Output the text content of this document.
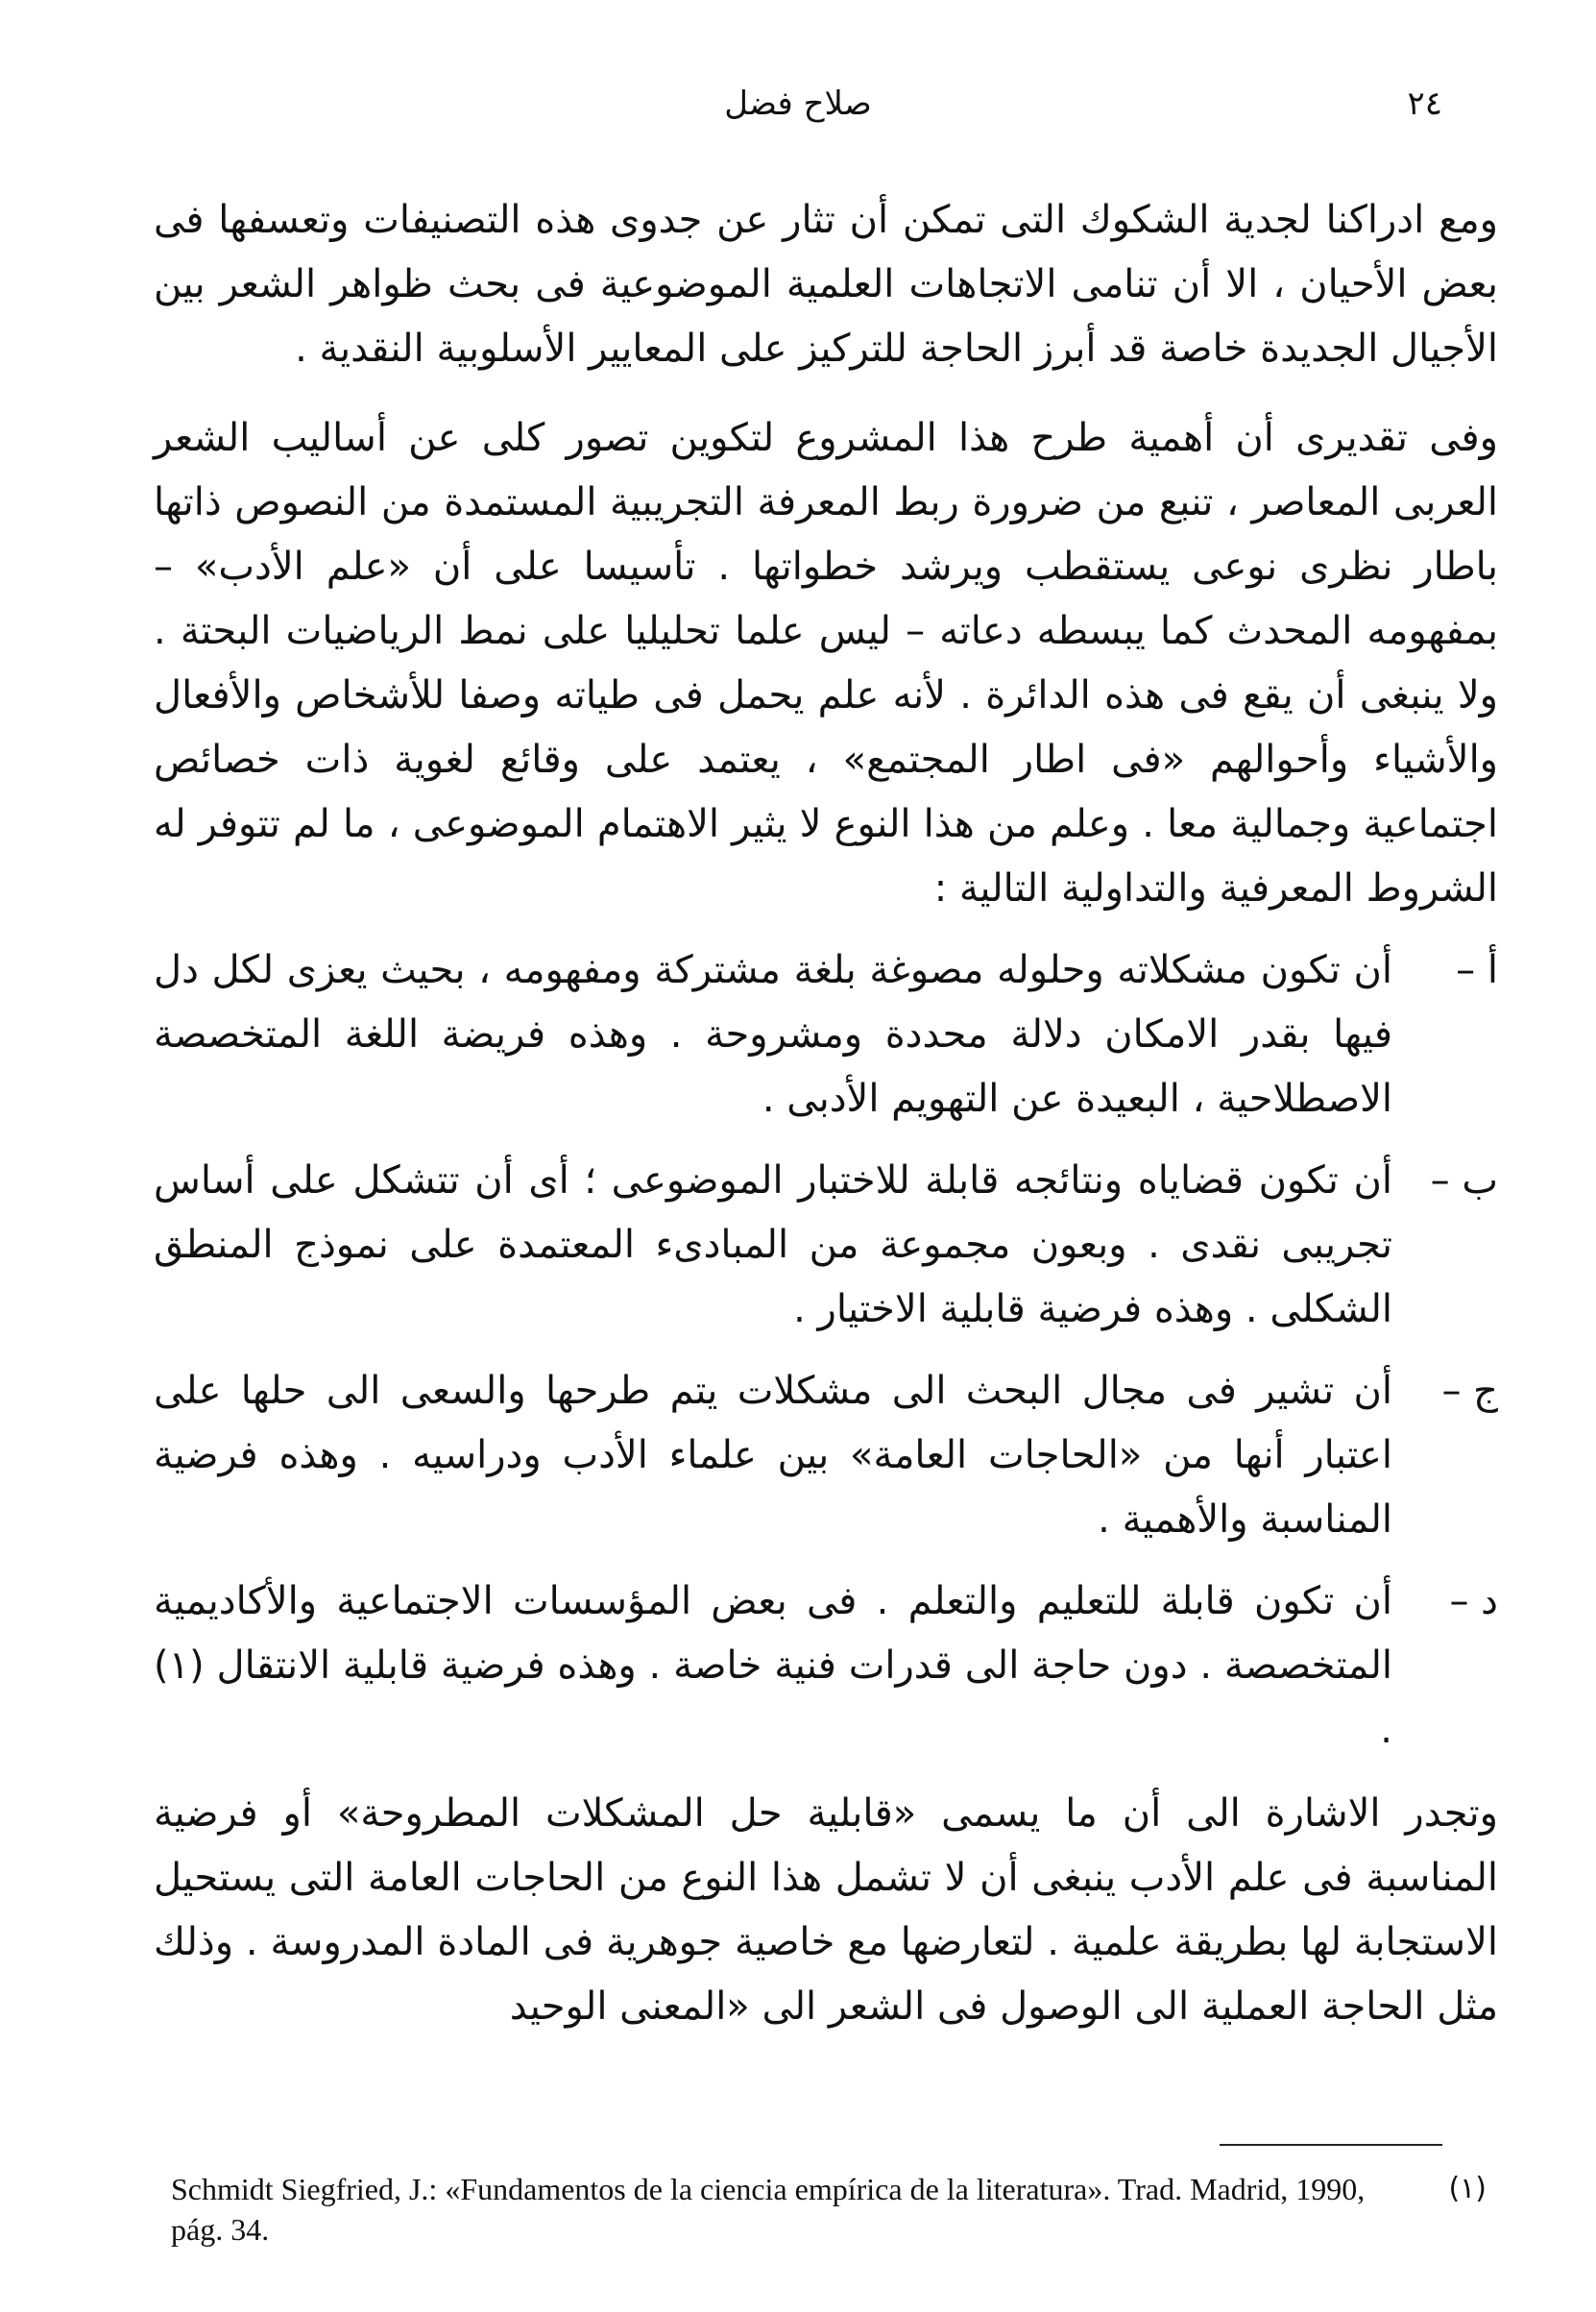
٢٤
صلاح فضل

ومع ادراكنا لجدية الشكوك التى تمكن أن تثار عن جدوى هذه التصنيفات وتعسفها فى بعض الأحيان ، الا أن تنامى الاتجاهات العلمية الموضوعية فى بحث ظواهر الشعر بين الأجيال الجديدة خاصة قد أبرز الحاجة للتركيز على المعايير الأسلوبية النقدية .

وفى تقديرى أن أهمية طرح هذا المشروع لتكوين تصور كلى عن أساليب الشعر العربى المعاصر ، تنبع من ضرورة ربط المعرفة التجريبية المستمدة من النصوص ذاتها باطار نظرى نوعى يستقطب ويرشد خطواتها . تأسيسا على أن «علم الأدب» – بمفهومه المحدث كما يبسطه دعاته – ليس علما تحليليا على نمط الرياضيات البحتة . ولا ينبغى أن يقع فى هذه الدائرة . لأنه علم يحمل فى طياته وصفا للأشخاص والأفعال والأشياء وأحوالهم «فى اطار المجتمع» ، يعتمد على وقائع لغوية ذات خصائص اجتماعية وجمالية معا . وعلم من هذا النوع لا يثير الاهتمام الموضوعى ، ما لم تتوفر له الشروط المعرفية والتداولية التالية :

أ –
أن تكون مشكلاته وحلوله مصوغة بلغة مشتركة ومفهومه ، بحيث يعزى لكل دل فيها بقدر الامكان دلالة محددة ومشروحة . وهذه فريضة اللغة المتخصصة الاصطلاحية ، البعيدة عن التهويم الأدبى .
ب –
أن تكون قضاياه ونتائجه قابلة للاختبار الموضوعى ؛ أى أن تتشكل على أساس تجريبى نقدى . وبعون مجموعة من المبادىء المعتمدة على نموذج المنطق الشكلى . وهذه فرضية قابلية الاختيار .
ج –
أن تشير فى مجال البحث الى مشكلات يتم طرحها والسعى الى حلها على اعتبار أنها من «الحاجات العامة» بين علماء الأدب ودراسيه . وهذه فرضية المناسبة والأهمية .
د –
أن تكون قابلة للتعليم والتعلم . فى بعض المؤسسات الاجتماعية والأكاديمية المتخصصة . دون حاجة الى قدرات فنية خاصة . وهذه فرضية قابلية الانتقال (١) .

وتجدر الاشارة الى أن ما يسمى «قابلية حل المشكلات المطروحة» أو فرضية المناسبة فى علم الأدب ينبغى أن لا تشمل هذا النوع من الحاجات العامة التى يستحيل الاستجابة لها بطريقة علمية . لتعارضها مع خاصية جوهرية فى المادة المدروسة . وذلك مثل الحاجة العملية الى الوصول فى الشعر الى «المعنى الوحيد

(١)
Schmidt Siegfried, J.: «Fundamentos de la ciencia empírica de la literatura». Trad. Madrid, 1990, pág. 34.
